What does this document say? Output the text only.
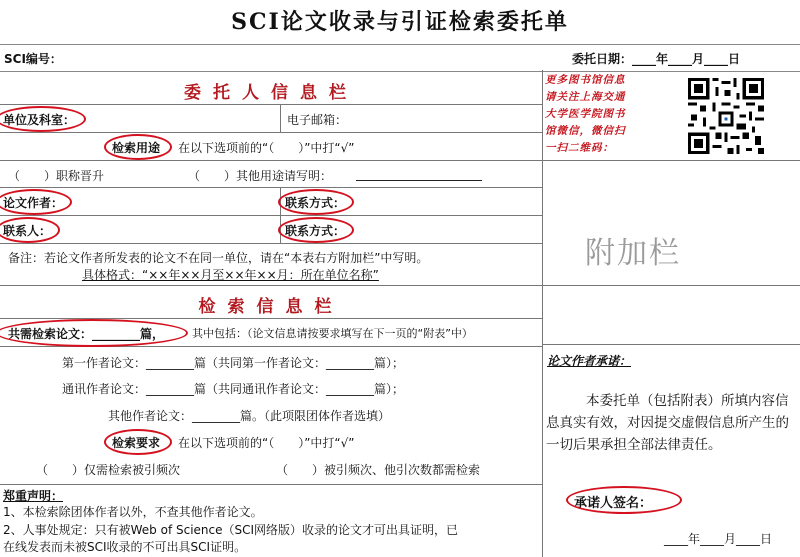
SCI论文收录与引证检索委托单
SCI编号：	委托日期：____年____月____日
委托人信息栏
单位及科室：	电子邮箱：
检索用途 在以下选项前的“（　　）”中打“√”
（　　）职称晋升	（　　）其他用途请写明：
论文作者：	联系方式：
联系人：	联系方式：
备注：若论文作者所发表的论文不在同一单位，请在“本表右方附加栏”中写明。
具体格式：“××年××月至××年××月：所在单位名称”
检索信息栏
共需检索论文：________篇，	其中包括：（论文信息请按要求填写在下一页的“附表”中）
第一作者论文：________篇（共同第一作者论文：________篇）；
通讯作者论文：________篇（共同通讯作者论文：________篇）；
其他作者论文：________篇。（此项限团体作者选填）
检索要求 在以下选项前的“（　　）”中打“√”
（　　）仅需检索被引频次	（　　）被引频次、他引次数都需检索
郑重声明：
1、本检索除团体作者以外，不查其他作者论文。
2、人事处规定：只有被Web of Science（SCI网络版）收录的论文才可出具证明，已
在线发表而未被SCI收录的不可出具SCI证明。
更多图书馆信息
请关注上海交通
大学医学院图书
馆微信，微信扫
一扫二维码：
附加栏
论文作者承诺：
本委托单（包括附表）所填内容信息真实有效，对因提交虚假信息所产生的一切后果承担全部法律责任。
承诺人签名：
____年____月____日
